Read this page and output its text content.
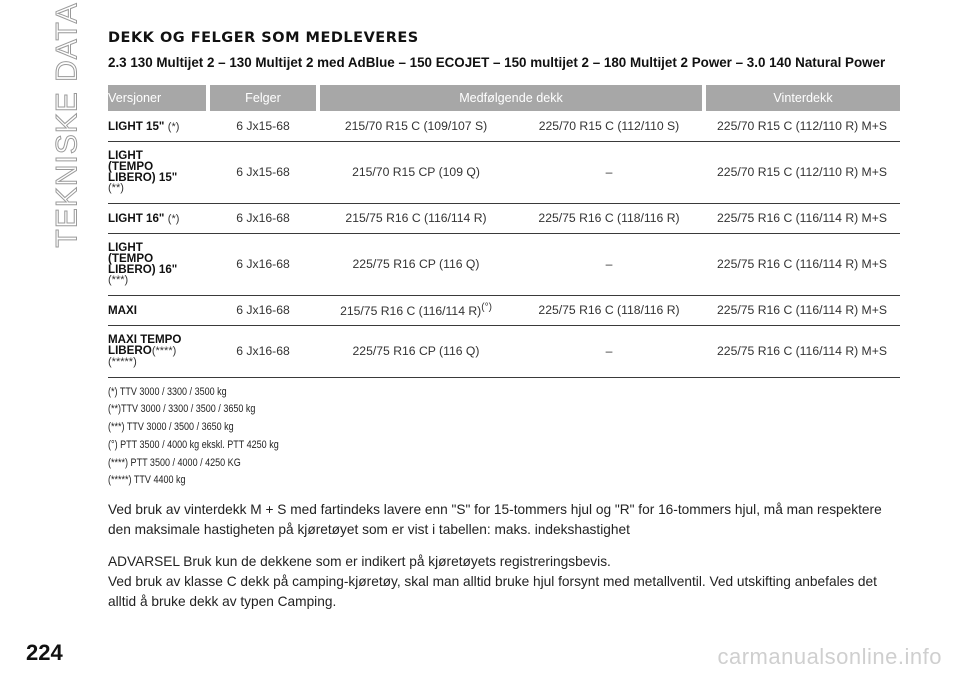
TEKNISKE DATA DEKK OG FELGER SOM MEDLEVERES
2.3 130 Multijet 2 – 130 Multijet 2 med AdBlue – 150 ECOJET – 150 multijet 2 – 180 Multijet 2 Power – 3.0 140 Natural Power
Versjoner	Felger	Medfølgende dekk		Vinterdekk
LIGHT 15" (*)	6 Jx15-68	215/70 R15 C (109/107 S)	225/70 R15 C (112/110 S)	225/70 R15 C (112/110 R) M+S

LIGHT
(TEMPO
LIBERO) 15"
(**)	6 Jx15-68	215/70 R15 CP (109 Q)	–	225/70 R15 C (112/110 R) M+S
LIGHT 16" (*)	6 Jx16-68	215/75 R16 C (116/114 R)	225/75 R16 C (118/116 R)	225/75 R16 C (116/114 R) M+S

LIGHT
(TEMPO
LIBERO) 16"
(***)	6 Jx16-68	225/75 R16 CP (116 Q)	–	225/75 R16 C (116/114 R) M+S
MAXI	6 Jx16-68	215/75 R16 C (116/114 R)(°)	225/75 R16 C (118/116 R)	225/75 R16 C (116/114 R) M+S

MAXI TEMPO
LIBERO(****)
(*****)	6 Jx16-68	225/75 R16 CP (116 Q)	–	225/75 R16 C (116/114 R) M+S
(*) TTV 3000 / 3300 / 3500 kg
(**)TTV 3000 / 3300 / 3500 / 3650 kg
(***) TTV 3000 / 3500 / 3650 kg
(°) PTT 3500 / 4000 kg ekskl. PTT 4250 kg
(****) PTT 3500 / 4000 / 4250 KG
(*****) TTV 4400 kg

Ved bruk av vinterdekk M + S med fartindeks lavere enn "S" for 15-tommers hjul og "R" for 16-tommers hjul, må man respektere den maksimale hastigheten på kjøretøyet som er vist i tabellen: maks. indekshastighet

ADVARSEL Bruk kun de dekkene som er indikert på kjøretøyets registreringsbevis.
Ved bruk av klasse C dekk på camping-kjøretøy, skal man alltid bruke hjul forsynt med metallventil. Ved utskifting anbefales det alltid å bruke dekk av typen Camping.
224	carmanualsonline.info
